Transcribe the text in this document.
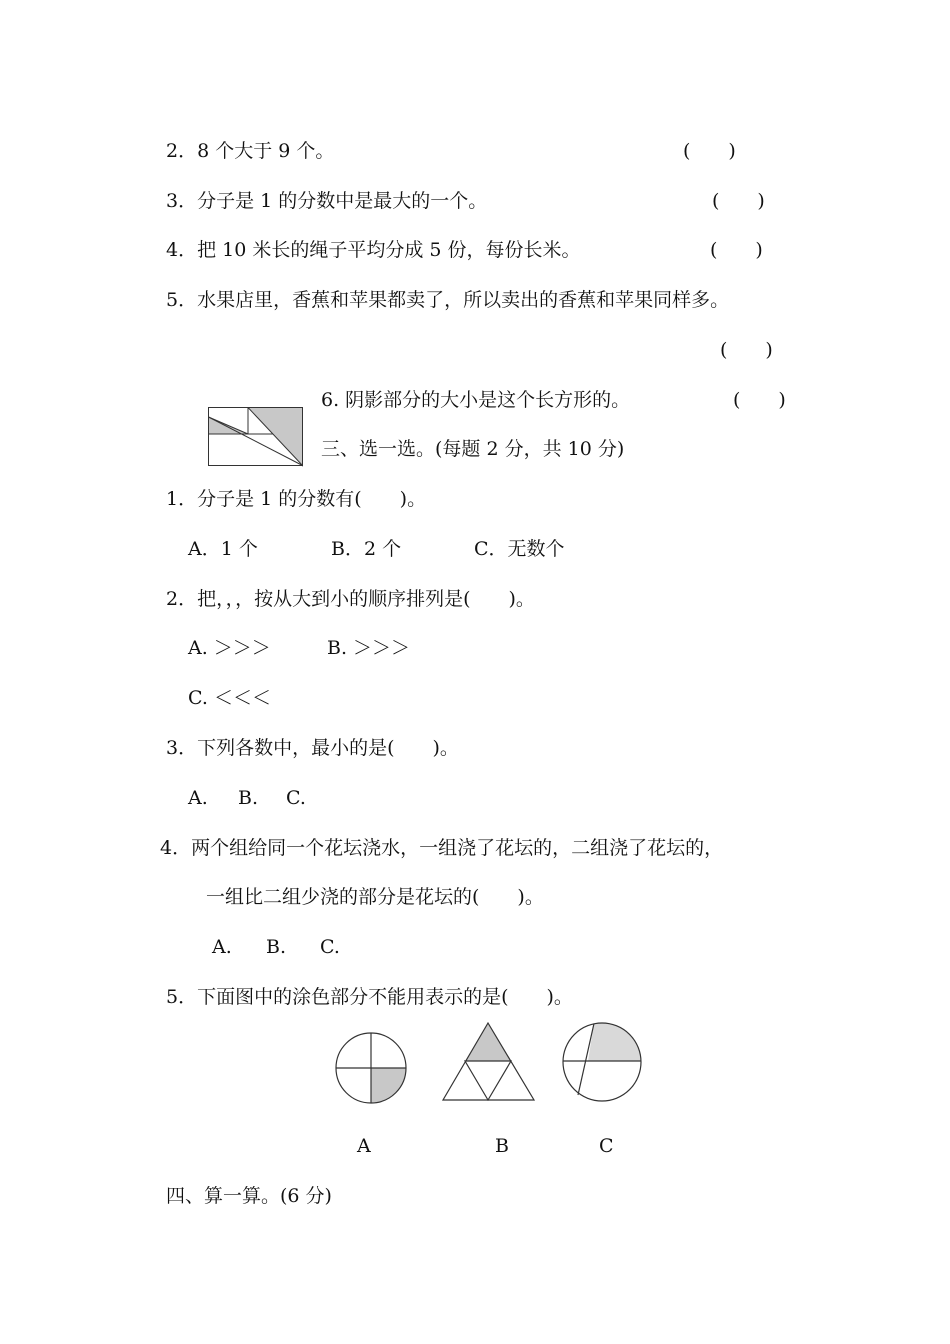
2．8 个大于 9 个。	(　　)
3．分子是 1 的分数中是最大的一个。	(　　)
4．把 10 米长的绳子平均分成 5 份，每份长米。	(　　)
5．水果店里，香蕉和苹果都卖了，所以卖出的香蕉和苹果同样多。
(　　)
6. 阴影部分的大小是这个长方形的。	(　　)
三、选一选。(每题 2 分，共 10 分)
1．分子是 1 的分数有(　　)。
A．1 个	B．2 个	C．无数个
2．把，，，按从大到小的顺序排列是(　　)。
A. ＞＞＞	B. ＞＞＞
C. ＜＜＜
3．下列各数中，最小的是(　　)。
A. B. C.
4．两个组给同一个花坛浇水，一组浇了花坛的，二组浇了花坛的，
一组比二组少浇的部分是花坛的(　　)。
A. B. C.
5．下面图中的涂色部分不能用表示的是(　　)。
A	B	C
四、算一算。(6 分)
